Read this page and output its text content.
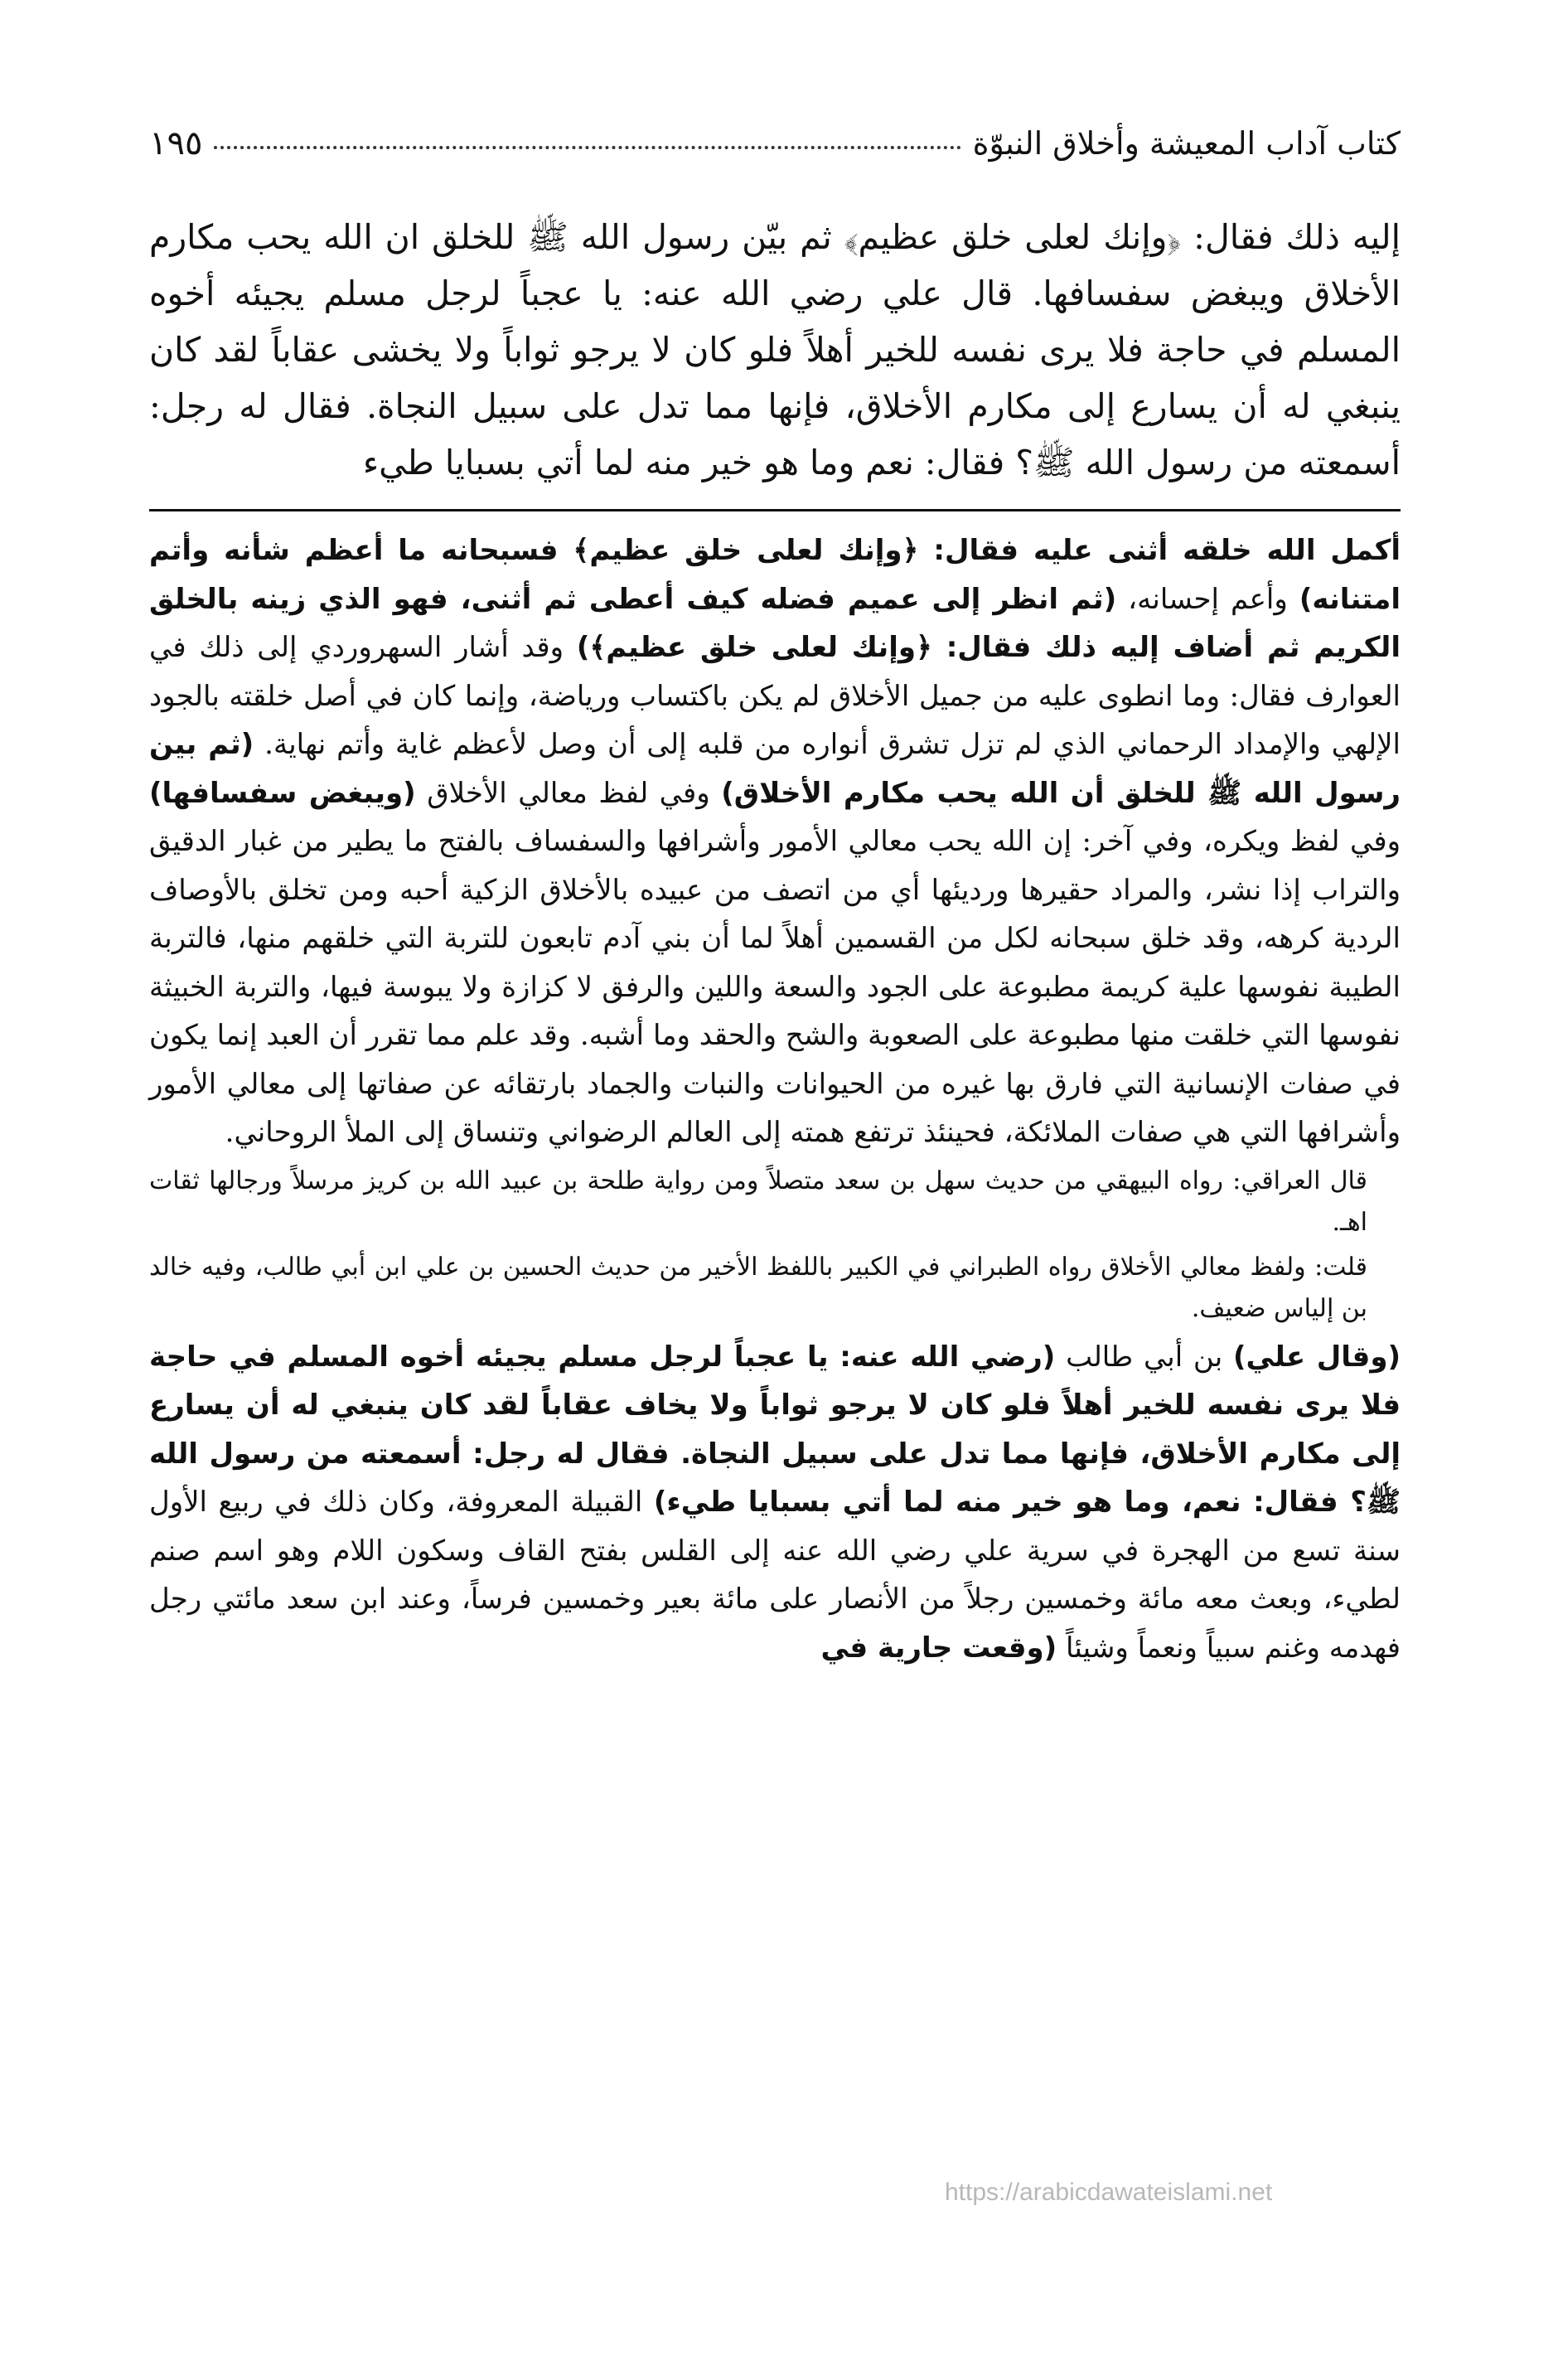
كتاب آداب المعيشة وأخلاق النبوّة
١٩٥

إليه ذلك فقال: ﴿وإنك لعلى خلق عظيم﴾ ثم بيّن رسول الله ﷺ للخلق ان الله يحب مكارم الأخلاق ويبغض سفسافها. قال علي رضي الله عنه: يا عجباً لرجل مسلم يجيئه أخوه المسلم في حاجة فلا يرى نفسه للخير أهلاً فلو كان لا يرجو ثواباً ولا يخشى عقاباً لقد كان ينبغي له أن يسارع إلى مكارم الأخلاق، فإنها مما تدل على سبيل النجاة. فقال له رجل: أسمعته من رسول الله ﷺ؟ فقال: نعم وما هو خير منه لما أتي بسبايا طيء

أكمل الله خلقه أثنى عليه فقال: ﴿وإنك لعلى خلق عظيم﴾ فسبحانه ما أعظم شأنه وأتم امتنانه) وأعم إحسانه، (ثم انظر إلى عميم فضله كيف أعطى ثم أثنى، فهو الذي زينه بالخلق الكريم ثم أضاف إليه ذلك فقال: ﴿وإنك لعلى خلق عظيم﴾) وقد أشار السهروردي إلى ذلك في العوارف فقال: وما انطوى عليه من جميل الأخلاق لم يكن باكتساب ورياضة، وإنما كان في أصل خلقته بالجود الإلهي والإمداد الرحماني الذي لم تزل تشرق أنواره من قلبه إلى أن وصل لأعظم غاية وأتم نهاية. (ثم بين رسول الله ﷺ للخلق أن الله يحب مكارم الأخلاق) وفي لفظ معالي الأخلاق (ويبغض سفسافها) وفي لفظ ويكره، وفي آخر: إن الله يحب معالي الأمور وأشرافها والسفساف بالفتح ما يطير من غبار الدقيق والتراب إذا نشر، والمراد حقيرها ورديئها أي من اتصف من عبيده بالأخلاق الزكية أحبه ومن تخلق بالأوصاف الردية كرهه، وقد خلق سبحانه لكل من القسمين أهلاً لما أن بني آدم تابعون للتربة التي خلقهم منها، فالتربة الطيبة نفوسها علية كريمة مطبوعة على الجود والسعة واللين والرفق لا كزازة ولا يبوسة فيها، والتربة الخبيثة نفوسها التي خلقت منها مطبوعة على الصعوبة والشح والحقد وما أشبه. وقد علم مما تقرر أن العبد إنما يكون في صفات الإنسانية التي فارق بها غيره من الحيوانات والنبات والجماد بارتقائه عن صفاتها إلى معالي الأمور وأشرافها التي هي صفات الملائكة، فحينئذ ترتفع همته إلى العالم الرضواني وتنساق إلى الملأ الروحاني.

قال العراقي: رواه البيهقي من حديث سهل بن سعد متصلاً ومن رواية طلحة بن عبيد الله بن كريز مرسلاً ورجالها ثقات اهـ.

قلت: ولفظ معالي الأخلاق رواه الطبراني في الكبير باللفظ الأخير من حديث الحسين بن علي ابن أبي طالب، وفيه خالد بن إلياس ضعيف.

(وقال علي) بن أبي طالب (رضي الله عنه: يا عجباً لرجل مسلم يجيئه أخوه المسلم في حاجة فلا يرى نفسه للخير أهلاً فلو كان لا يرجو ثواباً ولا يخاف عقاباً لقد كان ينبغي له أن يسارع إلى مكارم الأخلاق، فإنها مما تدل على سبيل النجاة. فقال له رجل: أسمعته من رسول الله ﷺ؟ فقال: نعم، وما هو خير منه لما أتي بسبايا طيء) القبيلة المعروفة، وكان ذلك في ربيع الأول سنة تسع من الهجرة في سرية علي رضي الله عنه إلى القلس بفتح القاف وسكون اللام وهو اسم صنم لطيء، وبعث معه مائة وخمسين رجلاً من الأنصار على مائة بعير وخمسين فرساً، وعند ابن سعد مائتي رجل فهدمه وغنم سبياً ونعماً وشيئاً (وقعت جارية في

https://arabicdawateislami.net
